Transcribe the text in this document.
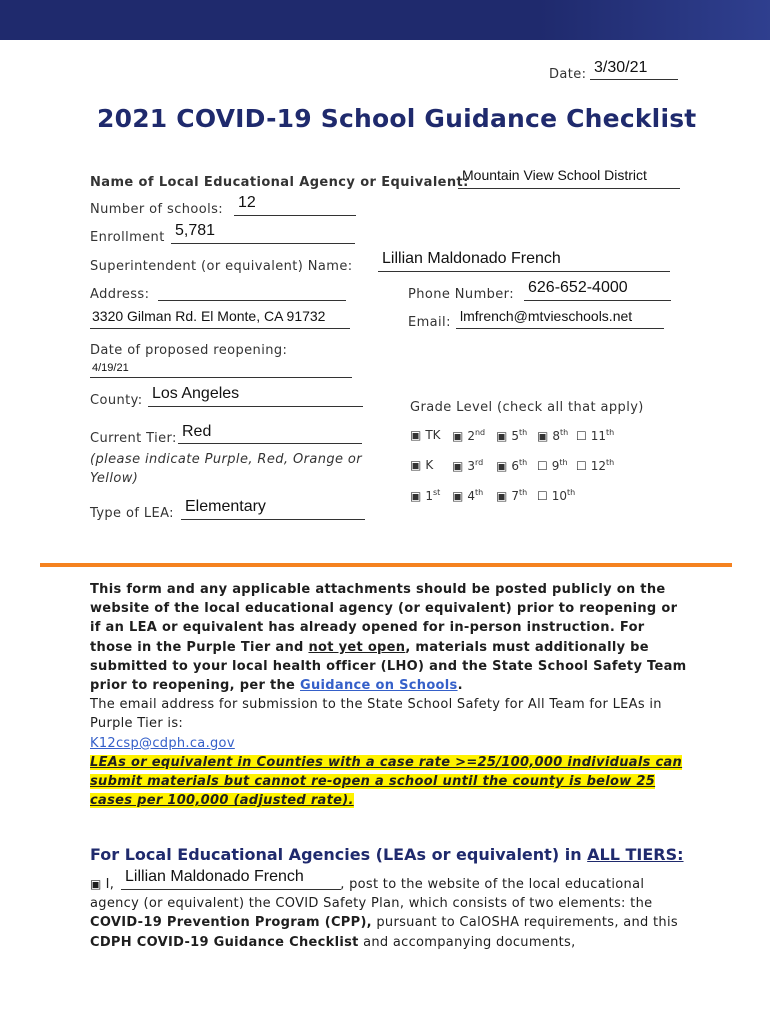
Date: 3/30/21
2021 COVID-19 School Guidance Checklist
Name of Local Educational Agency or Equivalent:
Mountain View School District
Number of schools: 12
Enrollment 5,781
Superintendent (or equivalent) Name: Lillian Maldonado French
Address:
3320 Gilman Rd. El Monte, CA 91732
Phone Number: 626-652-4000
Email: lmfrench@mtvieschools.net
Date of proposed reopening:
4/19/21
County: Los Angeles
Current Tier: Red
(please indicate Purple, Red, Orange or Yellow)
Type of LEA: Elementary
Grade Level (check all that apply)
▣ TK ▣ 2nd ▣ 5th ▣ 8th ☐ 11th
▣ K ▣ 3rd ▣ 6th ☐ 9th ☐ 12th
▣ 1st ▣ 4th ▣ 7th ☐ 10th
This form and any applicable attachments should be posted publicly on the website of the local educational agency (or equivalent) prior to reopening or if an LEA or equivalent has already opened for in-person instruction. For those in the Purple Tier and not yet open, materials must additionally be submitted to your local health officer (LHO) and the State School Safety Team prior to reopening, per the Guidance on Schools.
The email address for submission to the State School Safety for All Team for LEAs in Purple Tier is:
K12csp@cdph.ca.gov
LEAs or equivalent in Counties with a case rate >=25/100,000 individuals can submit materials but cannot re-open a school until the county is below 25 cases per 100,000 (adjusted rate).
For Local Educational Agencies (LEAs or equivalent) in ALL TIERS:
Lillian Maldonado French
▣ I,	, post to the website of the local educational agency (or equivalent) the COVID Safety Plan, which consists of two elements: the COVID-19 Prevention Program (CPP), pursuant to CalOSHA requirements, and this CDPH COVID-19 Guidance Checklist and accompanying documents,
